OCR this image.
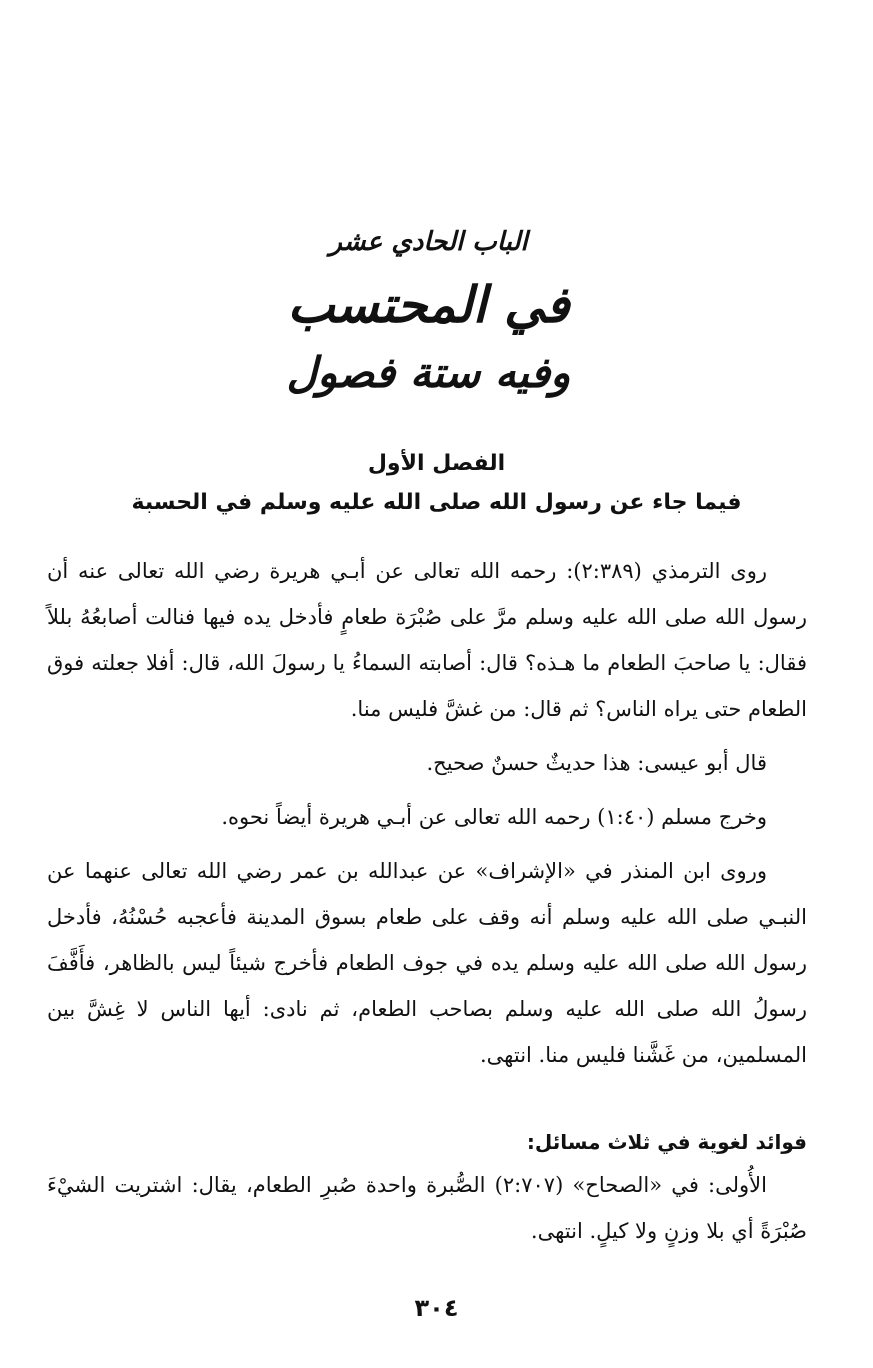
الباب الحادي عشر
في المحتسب
وفيه ستة فصول
الفصل الأول
فيما جاء عن رسول الله صلى الله عليه وسلم في الحسبة

روى الترمذي (٢:٣٨٩): رحمه الله تعالى عن أبـي هريرة رضي الله تعالى عنه أن رسول الله صلى الله عليه وسلم مرَّ على صُبْرَة طعامٍ فأدخل يده فيها فنالت أصابعُهُ بللاً فقال: يا صاحبَ الطعام ما هـذه؟ قال: أصابته السماءُ يا رسولَ الله، قال: أفلا جعلته فوق الطعام حتى يراه الناس؟ ثم قال: من غشَّ فليس منا.

قال أبو عيسى: هذا حديثٌ حسنٌ صحيح.

وخرج مسلم (١:٤٠) رحمه الله تعالى عن أبـي هريرة أيضاً نحوه.

وروى ابن المنذر في «الإشراف» عن عبدالله بن عمر رضي الله تعالى عنهما عن النبـي صلى الله عليه وسلم أنه وقف على طعام بسوق المدينة فأعجبه حُسْنُهُ، فأدخل رسول الله صلى الله عليه وسلم يده في جوف الطعام فأخرج شيئاً ليس بالظاهر، فأَفَّفَ رسولُ الله صلى الله عليه وسلم بصاحب الطعام، ثم نادى: أيها الناس لا غِشَّ بين المسلمين، من غَشَّنا فليس منا. انتهى.

فوائد لغوية في ثلاث مسائل:

الأُولى: في «الصحاح» (٢:٧٠٧) الصُّبرة واحدة صُبرِ الطعام، يقال: اشتريت الشيْءَ صُبْرَةً أي بلا وزنٍ ولا كيلٍ. انتهى.

٣٠٤
